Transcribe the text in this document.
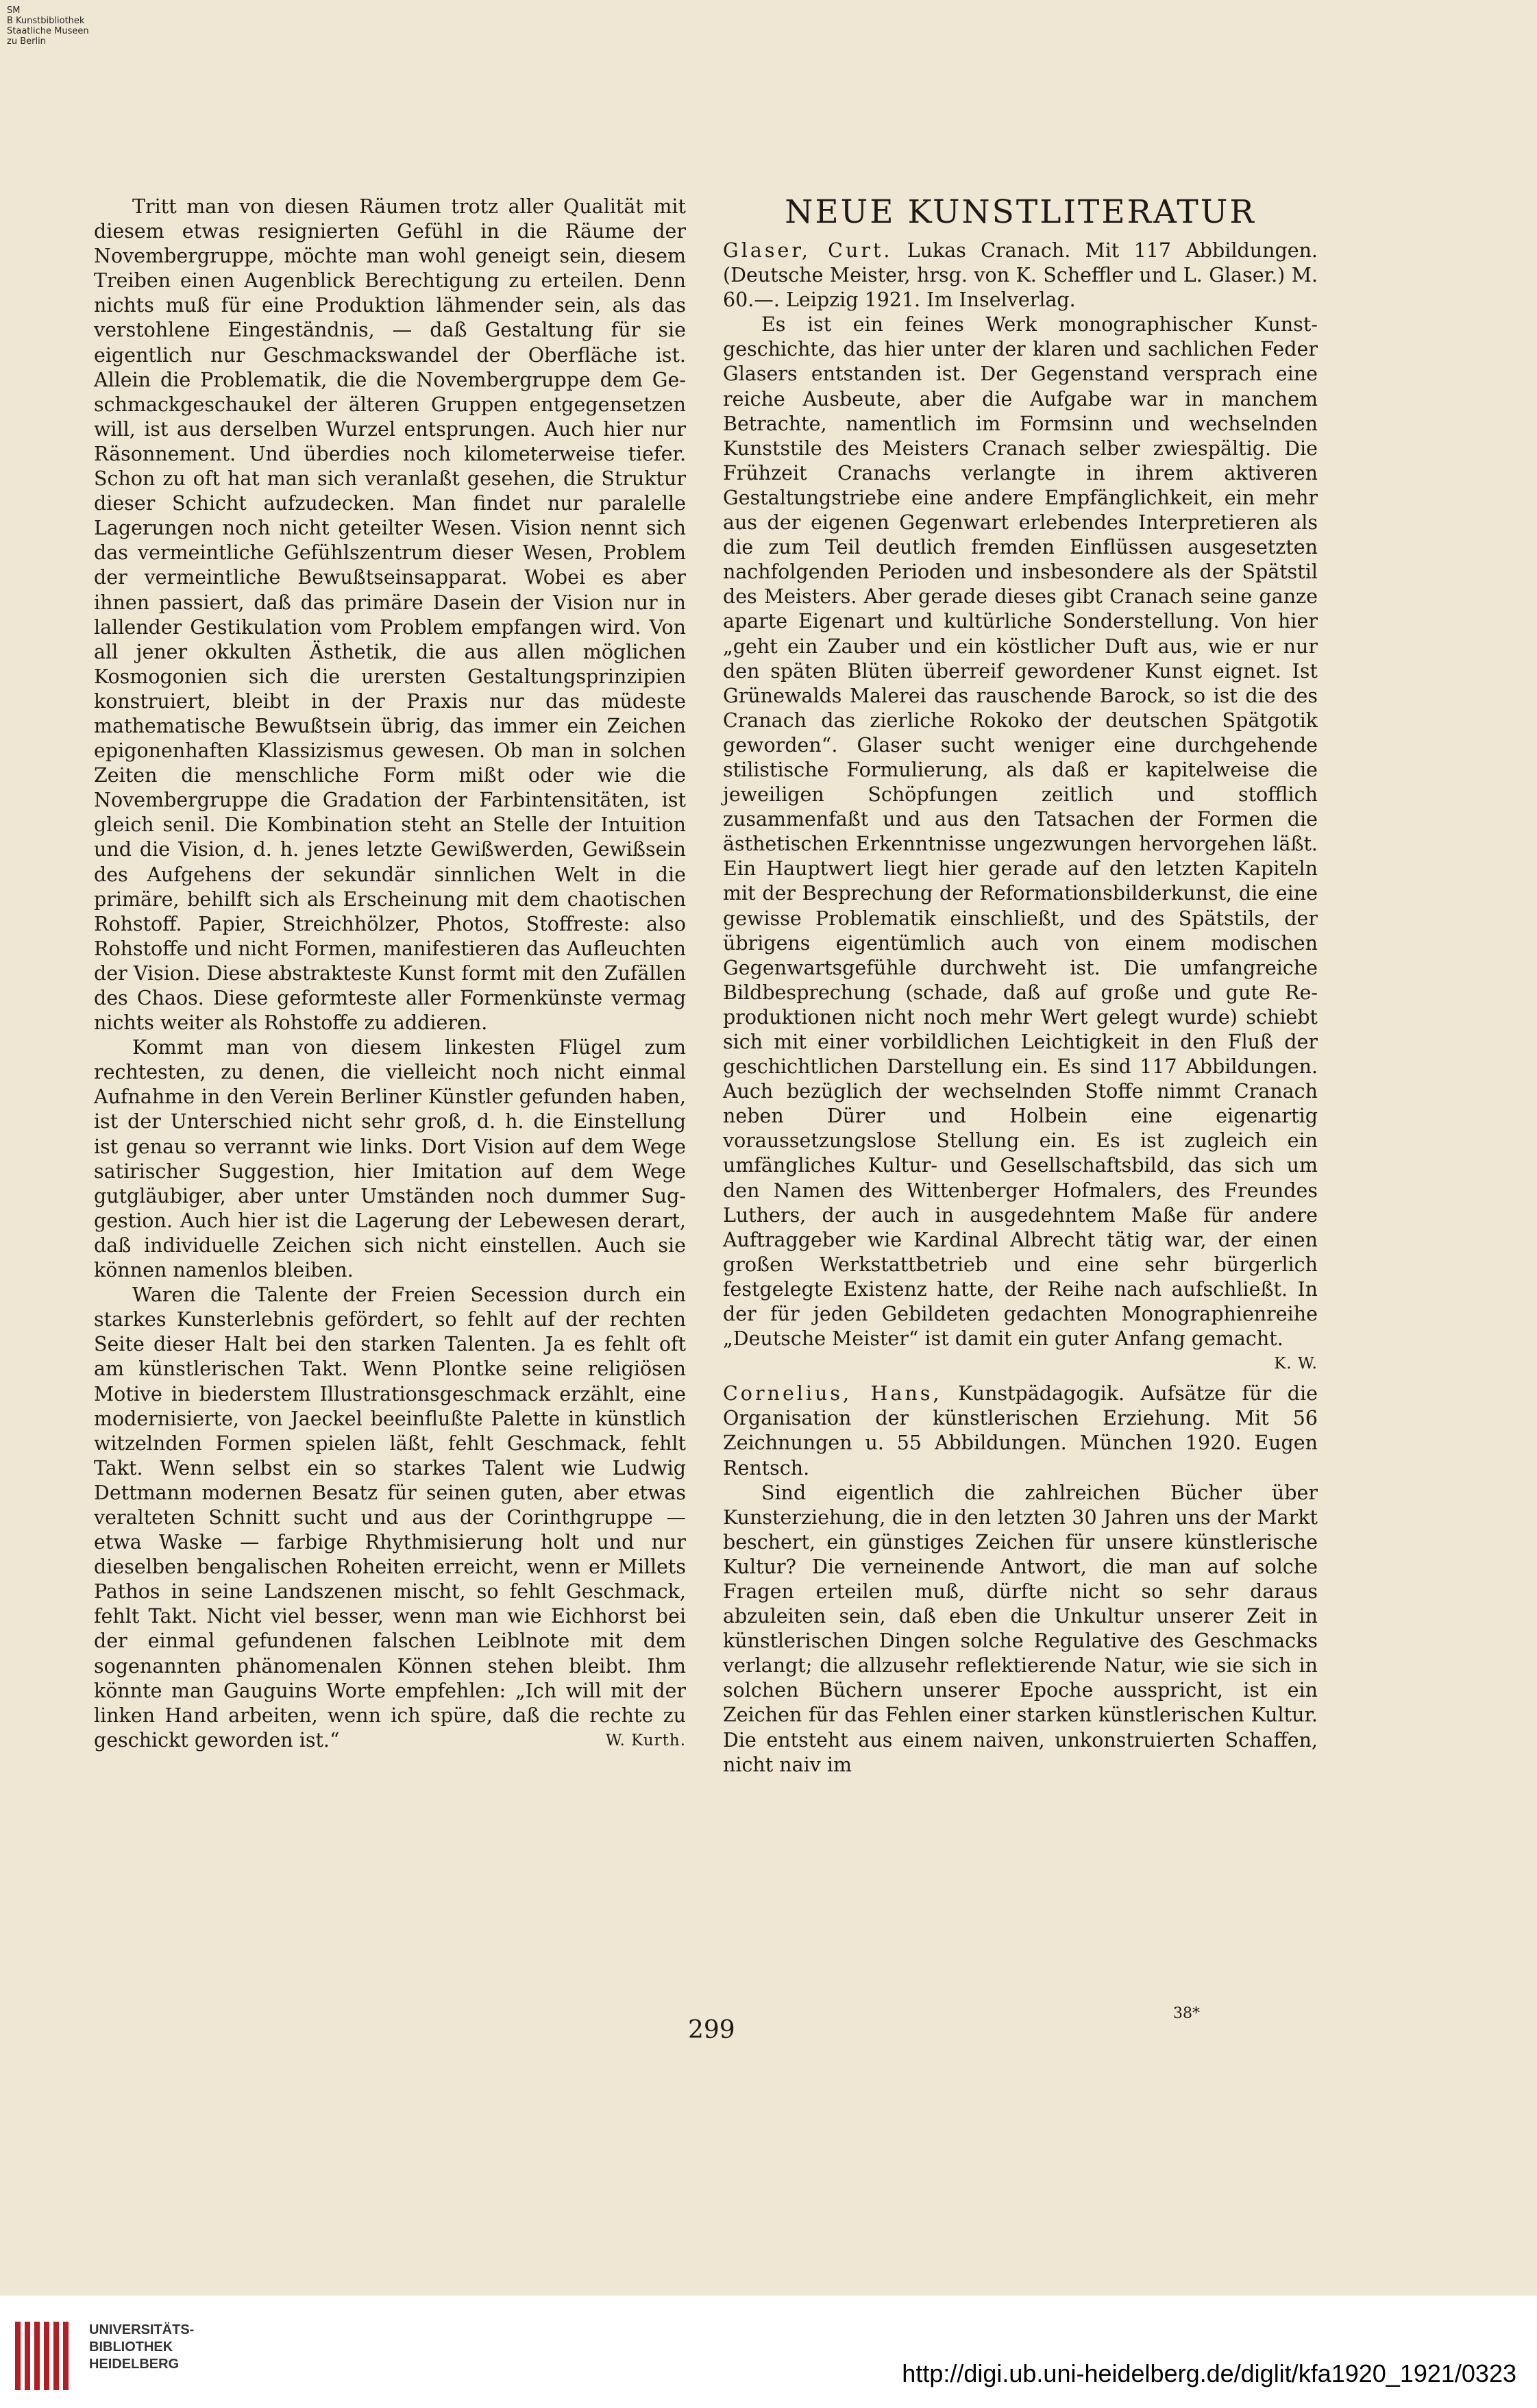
SM
B Kunstbibliothek
Staatliche Museen
zu Berlin

Tritt man von diesen Räumen trotz aller Qualität mit diesem etwas resignierten Gefühl in die Räume der Novembergruppe, möchte man wohl geneigt sein, diesem Treiben einen Augenblick Berechtigung zu erteilen. Denn nichts muß für eine Produktion lähmender sein, als das verstohlene Eingeständnis, — daß Gestaltung für sie eigentlich nur Geschmackswandel der Oberfläche ist. Allein die Problematik, die die Novembergruppe dem Geschmackgeschaukel der älteren Gruppen entgegensetzen will, ist aus derselben Wurzel entsprungen. Auch hier nur Räsonnement. Und überdies noch kilometerweise tiefer. Schon zu oft hat man sich veranlaßt gesehen, die Struktur dieser Schicht aufzudecken. Man findet nur paralelle Lagerungen noch nicht geteilter Wesen. Vision nennt sich das vermeintliche Gefühlszentrum dieser Wesen, Problem der vermeintliche Bewußtseinsapparat. Wobei es aber ihnen passiert, daß das primäre Dasein der Vision nur in lallender Gestikulation vom Problem empfangen wird. Von all jener okkulten Ästhetik, die aus allen möglichen Kosmogonien sich die urersten Gestaltungsprinzipien konstruiert, bleibt in der Praxis nur das müdeste mathematische Bewußtsein übrig, das immer ein Zeichen epigonenhaften Klassizismus gewesen. Ob man in solchen Zeiten die menschliche Form mißt oder wie die Novembergruppe die Gradation der Farbintensitäten, ist gleich senil. Die Kombination steht an Stelle der Intuition und die Vision, d. h. jenes letzte Gewißwerden, Gewißsein des Aufgehens der sekundär sinnlichen Welt in die primäre, behilft sich als Erscheinung mit dem chaotischen Rohstoff. Papier, Streichhölzer, Photos, Stoffreste: also Rohstoffe und nicht Formen, manifestieren das Aufleuchten der Vision. Diese abstrakteste Kunst formt mit den Zufällen des Chaos. Diese geformteste aller Formenkünste vermag nichts weiter als Rohstoffe zu addieren.

Kommt man von diesem linkesten Flügel zum rechtesten, zu denen, die vielleicht noch nicht einmal Aufnahme in den Verein Berliner Künstler gefunden haben, ist der Unterschied nicht sehr groß, d. h. die Einstellung ist genau so verrannt wie links. Dort Vision auf dem Wege satirischer Suggestion, hier Imitation auf dem Wege gutgläubiger, aber unter Umständen noch dummer Suggestion. Auch hier ist die Lagerung der Lebewesen derart, daß individuelle Zeichen sich nicht einstellen. Auch sie können namenlos bleiben.

Waren die Talente der Freien Secession durch ein starkes Kunsterlebnis gefördert, so fehlt auf der rechten Seite dieser Halt bei den starken Talenten. Ja es fehlt oft am künstlerischen Takt. Wenn Plontke seine religiösen Motive in biederstem Illustrationsgeschmack erzählt, eine modernisierte, von Jaeckel beeinflußte Palette in künstlich witzelnden Formen spielen läßt, fehlt Geschmack, fehlt Takt. Wenn selbst ein so starkes Talent wie Ludwig Dettmann modernen Besatz für seinen guten, aber etwas veralteten Schnitt sucht und aus der Corinthgruppe — etwa Waske — farbige Rhythmisierung holt und nur dieselben bengalischen Roheiten erreicht, wenn er Millets Pathos in seine Landszenen mischt, so fehlt Geschmack, fehlt Takt. Nicht viel besser, wenn man wie Eichhorst bei der einmal gefundenen falschen Leiblnote mit dem sogenannten phänomenalen Können stehen bleibt. Ihm könnte man Gauguins Worte empfehlen: „Ich will mit der linken Hand arbeiten, wenn ich spüre, daß die rechte zu geschickt geworden ist.“	W. Kurth.

NEUE KUNSTLITERATUR

Glaser, Curt. Lukas Cranach. Mit 117 Abbildungen. (Deutsche Meister, hrsg. von K. Scheffler und L. Glaser.) M. 60.—. Leipzig 1921. Im Inselverlag.

Es ist ein feines Werk monographischer Kunstgeschichte, das hier unter der klaren und sachlichen Feder Glasers entstanden ist. Der Gegenstand versprach eine reiche Ausbeute, aber die Aufgabe war in manchem Betrachte, namentlich im Formsinn und wechselnden Kunststile des Meisters Cranach selber zwiespältig. Die Frühzeit Cranachs verlangte in ihrem aktiveren Gestaltungstriebe eine andere Empfänglichkeit, ein mehr aus der eigenen Gegenwart erlebendes Interpretieren als die zum Teil deutlich fremden Einflüssen ausgesetzten nachfolgenden Perioden und insbesondere als der Spätstil des Meisters. Aber gerade dieses gibt Cranach seine ganze aparte Eigenart und kultürliche Sonderstellung. Von hier „geht ein Zauber und ein köstlicher Duft aus, wie er nur den späten Blüten überreif gewordener Kunst eignet. Ist Grünewalds Malerei das rauschende Barock, so ist die des Cranach das zierliche Rokoko der deutschen Spätgotik geworden“. Glaser sucht weniger eine durchgehende stilistische Formulierung, als daß er kapitelweise die jeweiligen Schöpfungen zeitlich und stofflich zusammenfaßt und aus den Tatsachen der Formen die ästhetischen Erkenntnisse ungezwungen hervorgehen läßt. Ein Hauptwert liegt hier gerade auf den letzten Kapiteln mit der Besprechung der Reformationsbilderkunst, die eine gewisse Problematik einschließt, und des Spätstils, der übrigens eigentümlich auch von einem modischen Gegenwartsgefühle durchweht ist. Die umfangreiche Bildbesprechung (schade, daß auf große und gute Reproduktionen nicht noch mehr Wert gelegt wurde) schiebt sich mit einer vorbildlichen Leichtigkeit in den Fluß der geschichtlichen Darstellung ein. Es sind 117 Abbildungen. Auch bezüglich der wechselnden Stoffe nimmt Cranach neben Dürer und Holbein eine eigenartig voraussetzungslose Stellung ein. Es ist zugleich ein umfängliches Kultur- und Gesellschaftsbild, das sich um den Namen des Wittenberger Hofmalers, des Freundes Luthers, der auch in ausgedehntem Maße für andere Auftraggeber wie Kardinal Albrecht tätig war, der einen großen Werkstattbetrieb und eine sehr bürgerlich festgelegte Existenz hatte, der Reihe nach aufschließt. In der für jeden Gebildeten gedachten Monographienreihe „Deutsche Meister“ ist damit ein guter Anfang gemacht.
K. W.

Cornelius, Hans, Kunstpädagogik. Aufsätze für die Organisation der künstlerischen Erziehung. Mit 56 Zeichnungen u. 55 Abbildungen. München 1920. Eugen Rentsch.

Sind eigentlich die zahlreichen Bücher über Kunsterziehung, die in den letzten 30 Jahren uns der Markt beschert, ein günstiges Zeichen für unsere künstlerische Kultur? Die verneinende Antwort, die man auf solche Fragen erteilen muß, dürfte nicht so sehr daraus abzuleiten sein, daß eben die Unkultur unserer Zeit in künstlerischen Dingen solche Regulative des Geschmacks verlangt; die allzusehr reflektierende Natur, wie sie sich in solchen Büchern unserer Epoche ausspricht, ist ein Zeichen für das Fehlen einer starken künstlerischen Kultur. Die entsteht aus einem naiven, unkonstruierten Schaffen, nicht naiv im

299
38*
UNIVERSITÄTS-
BIBLIOTHEK
HEIDELBERG	http://digi.ub.uni-heidelberg.de/diglit/kfa1920_1921/0323
